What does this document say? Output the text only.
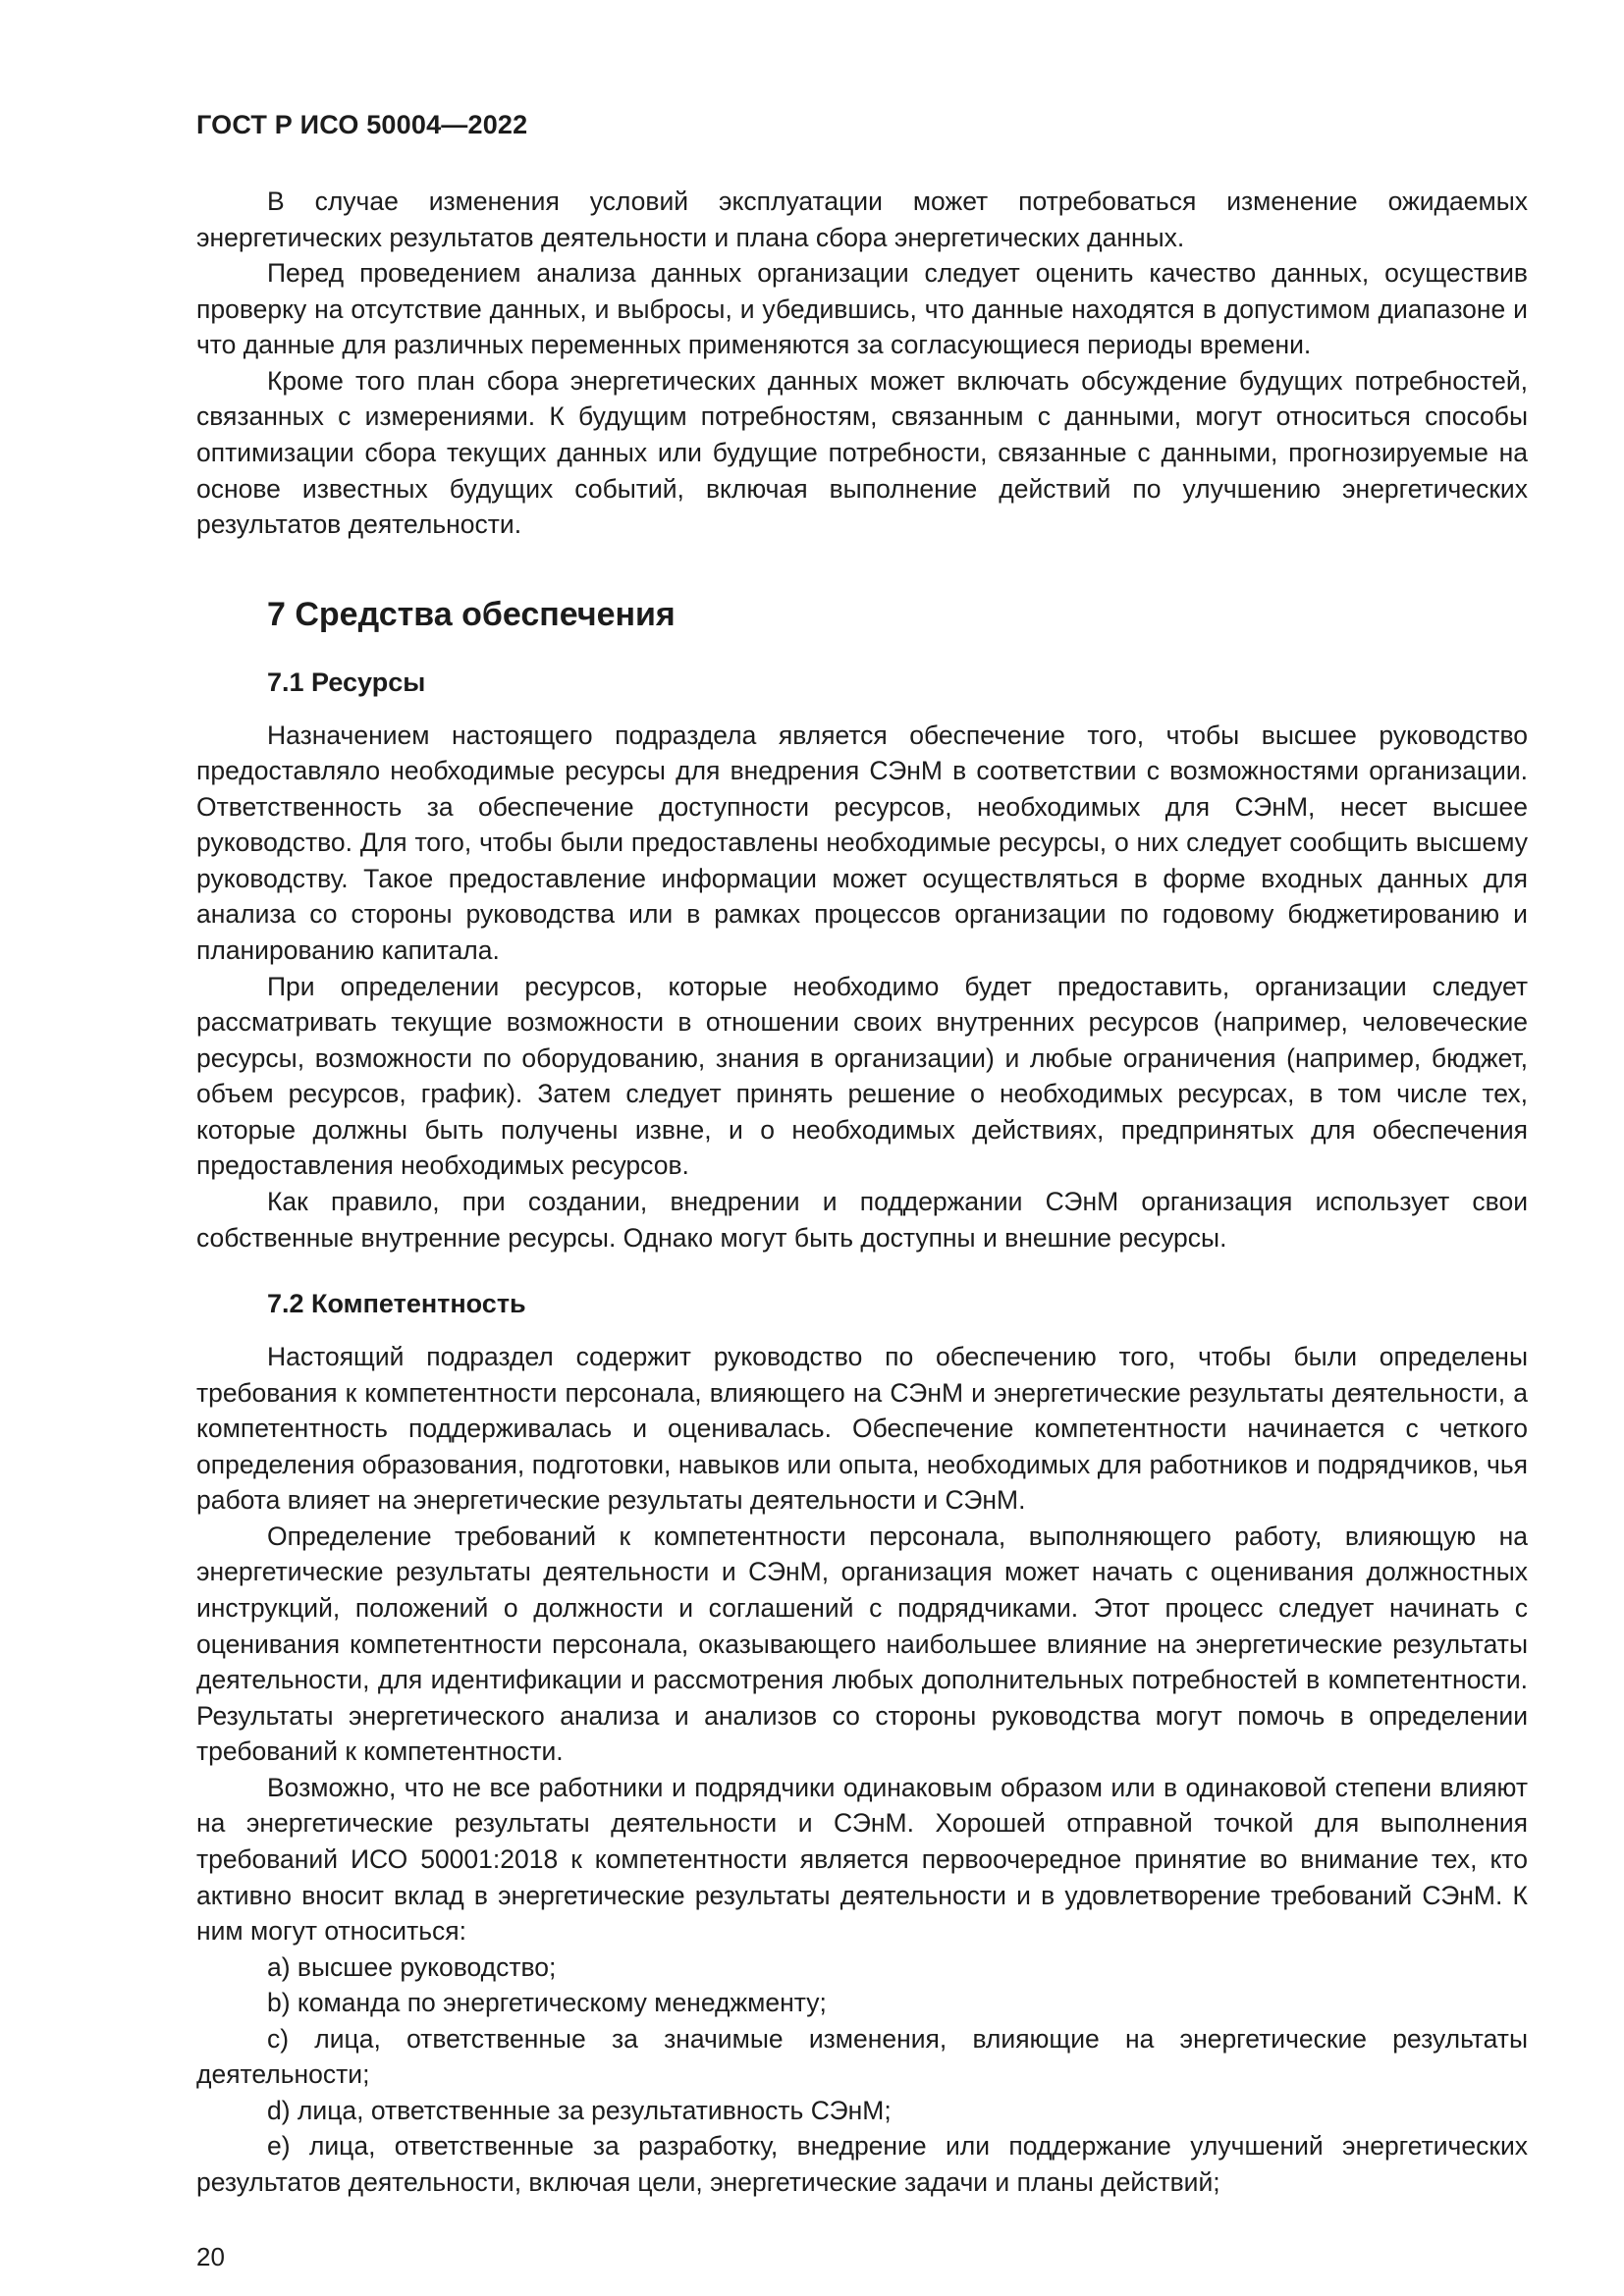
ГОСТ Р ИСО 50004—2022

В случае изменения условий эксплуатации может потребоваться изменение ожидаемых энергетических результатов деятельности и плана сбора энергетических данных.

Перед проведением анализа данных организации следует оценить качество данных, осуществив проверку на отсутствие данных, и выбросы, и убедившись, что данные находятся в допустимом диапазоне и что данные для различных переменных применяются за согласующиеся периоды времени.

Кроме того план сбора энергетических данных может включать обсуждение будущих потребностей, связанных с измерениями. К будущим потребностям, связанным с данными, могут относиться способы оптимизации сбора текущих данных или будущие потребности, связанные с данными, прогнозируемые на основе известных будущих событий, включая выполнение действий по улучшению энергетических результатов деятельности.

7 Средства обеспечения
7.1 Ресурсы

Назначением настоящего подраздела является обеспечение того, чтобы высшее руководство предоставляло необходимые ресурсы для внедрения СЭнМ в соответствии с возможностями организации. Ответственность за обеспечение доступности ресурсов, необходимых для СЭнМ, несет высшее руководство. Для того, чтобы были предоставлены необходимые ресурсы, о них следует сообщить высшему руководству. Такое предоставление информации может осуществляться в форме входных данных для анализа со стороны руководства или в рамках процессов организации по годовому бюджетированию и планированию капитала.

При определении ресурсов, которые необходимо будет предоставить, организации следует рассматривать текущие возможности в отношении своих внутренних ресурсов (например, человеческие ресурсы, возможности по оборудованию, знания в организации) и любые ограничения (например, бюджет, объем ресурсов, график). Затем следует принять решение о необходимых ресурсах, в том числе тех, которые должны быть получены извне, и о необходимых действиях, предпринятых для обеспечения предоставления необходимых ресурсов.

Как правило, при создании, внедрении и поддержании СЭнМ организация использует свои собственные внутренние ресурсы. Однако могут быть доступны и внешние ресурсы.

7.2 Компетентность

Настоящий подраздел содержит руководство по обеспечению того, чтобы были определены требования к компетентности персонала, влияющего на СЭнМ и энергетические результаты деятельности, а компетентность поддерживалась и оценивалась. Обеспечение компетентности начинается с четкого определения образования, подготовки, навыков или опыта, необходимых для работников и подрядчиков, чья работа влияет на энергетические результаты деятельности и СЭнМ.

Определение требований к компетентности персонала, выполняющего работу, влияющую на энергетические результаты деятельности и СЭнМ, организация может начать с оценивания должностных инструкций, положений о должности и соглашений с подрядчиками. Этот процесс следует начинать с оценивания компетентности персонала, оказывающего наибольшее влияние на энергетические результаты деятельности, для идентификации и рассмотрения любых дополнительных потребностей в компетентности. Результаты энергетического анализа и анализов со стороны руководства могут помочь в определении требований к компетентности.

Возможно, что не все работники и подрядчики одинаковым образом или в одинаковой степени влияют на энергетические результаты деятельности и СЭнМ. Хорошей отправной точкой для выполнения требований ИСО 50001:2018 к компетентности является первоочередное принятие во внимание тех, кто активно вносит вклад в энергетические результаты деятельности и в удовлетворение требований СЭнМ. К ним могут относиться:

a) высшее руководство;

b) команда по энергетическому менеджменту;

c) лица, ответственные за значимые изменения, влияющие на энергетические результаты деятельности;

d) лица, ответственные за результативность СЭнМ;

e) лица, ответственные за разработку, внедрение или поддержание улучшений энергетических результатов деятельности, включая цели, энергетические задачи и планы действий;

20
